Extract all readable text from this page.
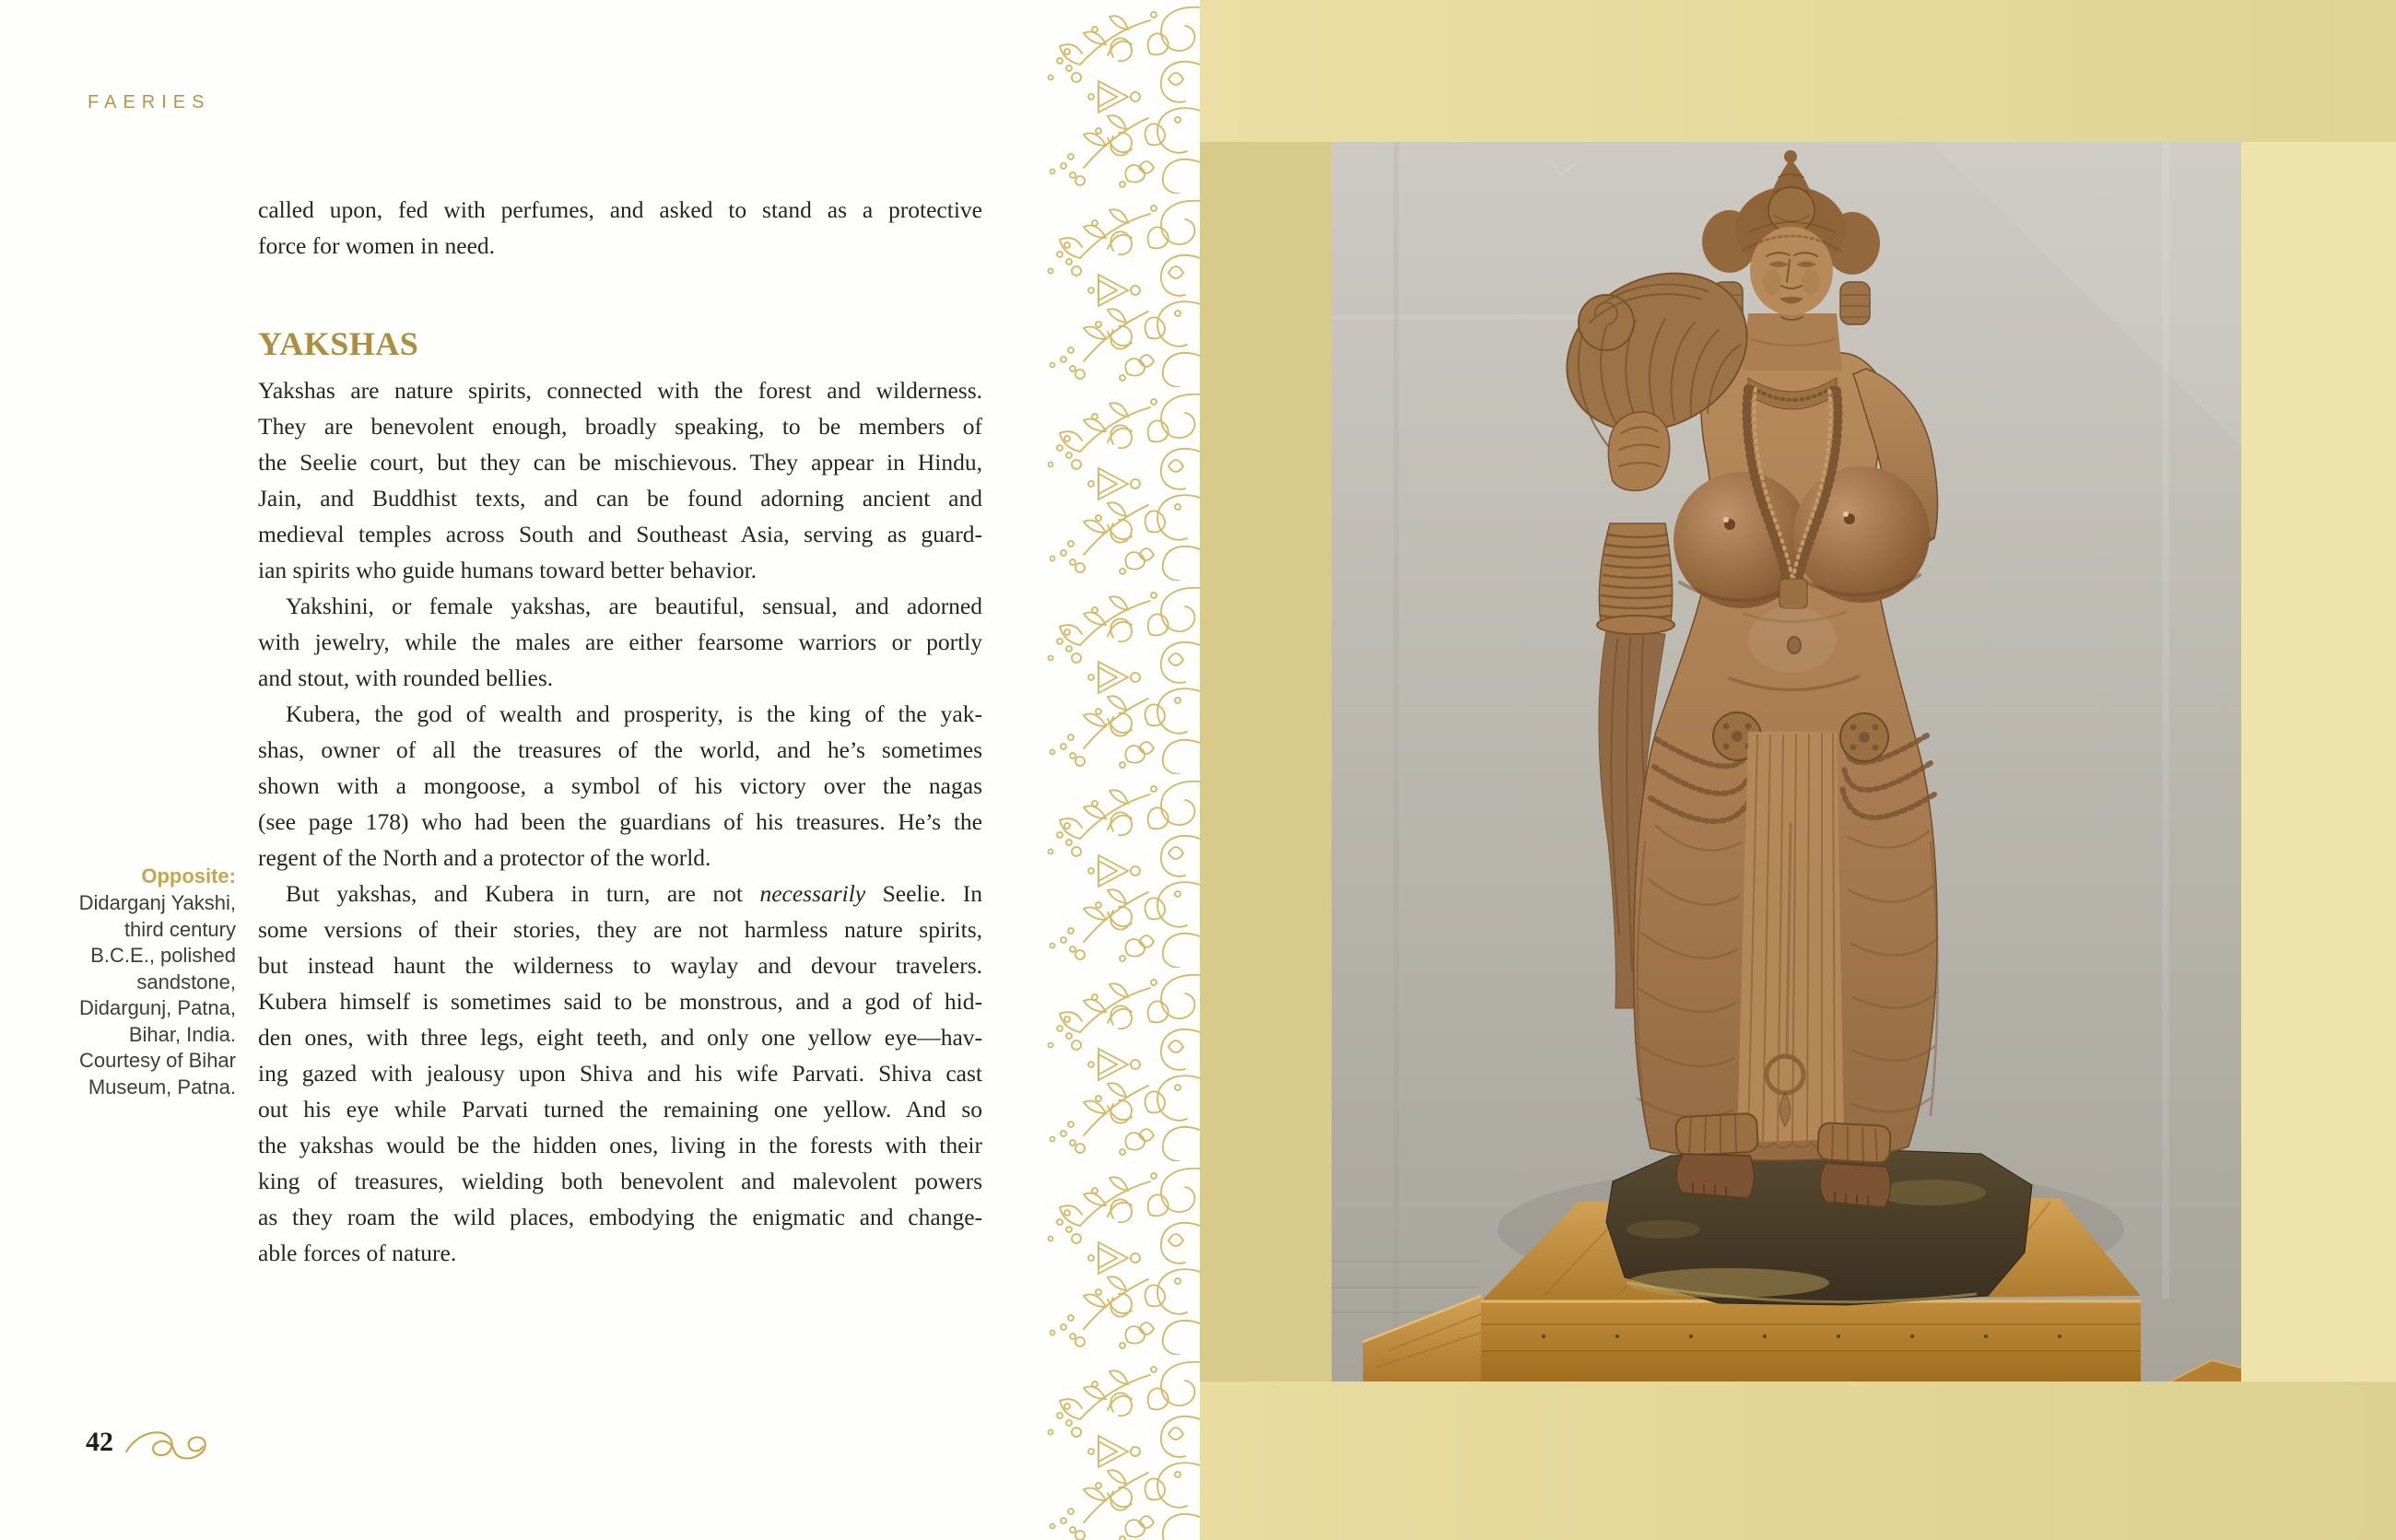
FAERIES
called upon, fed with perfumes, and asked to stand as a protective
force for women in need.
YAKSHAS
Yakshas are nature spirits, connected with the forest and wilderness.
They are benevolent enough, broadly speaking, to be members of
the Seelie court, but they can be mischievous. They appear in Hindu,
Jain, and Buddhist texts, and can be found adorning ancient and
medieval temples across South and Southeast Asia, serving as guard-
ian spirits who guide humans toward better behavior.
Yakshini, or female yakshas, are beautiful, sensual, and adorned
with jewelry, while the males are either fearsome warriors or portly
and stout, with rounded bellies.
Kubera, the god of wealth and prosperity, is the king of the yak-
shas, owner of all the treasures of the world, and he’s sometimes
shown with a mongoose, a symbol of his victory over the nagas
(see page 178) who had been the guardians of his treasures. He’s the
regent of the North and a protector of the world.
But yakshas, and Kubera in turn, are not necessarily Seelie. In
some versions of their stories, they are not harmless nature spirits,
but instead haunt the wilderness to waylay and devour travelers.
Kubera himself is sometimes said to be monstrous, and a god of hid-
den ones, with three legs, eight teeth, and only one yellow eye—hav-
ing gazed with jealousy upon Shiva and his wife Parvati. Shiva cast
out his eye while Parvati turned the remaining one yellow. And so
the yakshas would be the hidden ones, living in the forests with their
king of treasures, wielding both benevolent and malevolent powers
as they roam the wild places, embodying the enigmatic and change-
able forces of nature.
Opposite:
Didarganj Yakshi,
third century
B.C.E., polished
sandstone,
Didargunj, Patna,
Bihar, India.
Courtesy of Bihar
Museum, Patna.
42
